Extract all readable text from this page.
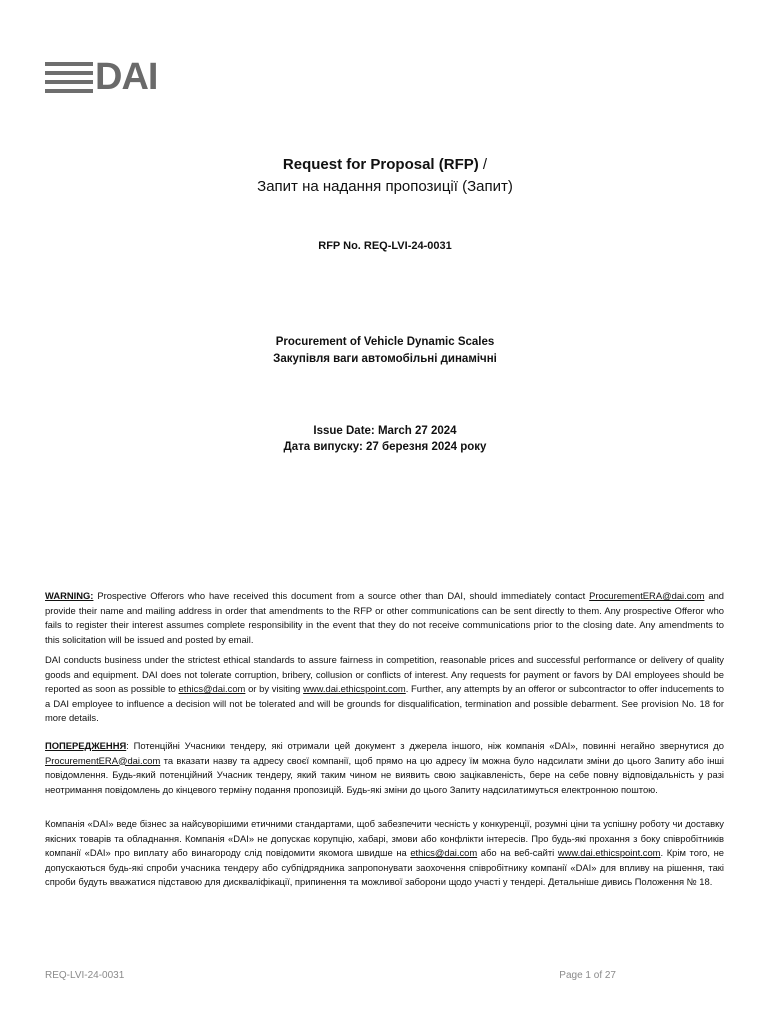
DAI
Request for Proposal (RFP) /
Запит на надання пропозиції (Запит)
RFP No. REQ-LVI-24-0031
Procurement of Vehicle Dynamic Scales
Закупівля ваги автомобільні динамічні
Issue Date: March 27 2024
Дата випуску: 27 березня 2024 року

WARNING: Prospective Offerors who have received this document from a source other than DAI, should immediately contact ProcurementERA@dai.com and provide their name and mailing address in order that amendments to the RFP or other communications can be sent directly to them. Any prospective Offeror who fails to register their interest assumes complete responsibility in the event that they do not receive communications prior to the closing date. Any amendments to this solicitation will be issued and posted by email.

DAI conducts business under the strictest ethical standards to assure fairness in competition, reasonable prices and successful performance or delivery of quality goods and equipment. DAI does not tolerate corruption, bribery, collusion or conflicts of interest. Any requests for payment or favors by DAI employees should be reported as soon as possible to ethics@dai.com or by visiting www.dai.ethicspoint.com. Further, any attempts by an offeror or subcontractor to offer inducements to a DAI employee to influence a decision will not be tolerated and will be grounds for disqualification, termination and possible debarment. See provision No. 18 for more details.

ПОПЕРЕДЖЕННЯ: Потенційні Учасники тендеру, які отримали цей документ з джерела іншого, ніж компанія «DAI», повинні негайно звернутися до ProcurementERA@dai.com та вказати назву та адресу своєї компанії, щоб прямо на цю адресу їм можна було надсилати зміни до цього Запиту або інші повідомлення. Будь-який потенційний Учасник тендеру, який таким чином не виявить свою зацікавленість, бере на себе повну відповідальність у разі неотримання повідомлень до кінцевого терміну подання пропозицій. Будь-які зміни до цього Запиту надсилатимуться електронною поштою.

Компанія «DAI» веде бізнес за найсуворішими етичними стандартами, щоб забезпечити чесність у конкуренції, розумні ціни та успішну роботу чи доставку якісних товарів та обладнання. Компанія «DAI» не допускає корупцію, хабарі, змови або конфлікти інтересів. Про будь-які прохання з боку співробітників компанії «DAI» про виплату або винагороду слід повідомити якомога швидше на ethics@dai.com або на веб-сайті www.dai.ethicspoint.com. Крім того, не допускаються будь-які спроби учасника тендеру або субпідрядника запропонувати заохочення співробітнику компанії «DAI» для впливу на рішення, такі спроби будуть вважатися підставою для дискваліфікації, припинення та можливої заборони щодо участі у тендері. Детальніше дивись Положення № 18.

REQ-LVI-24-0031	Page 1 of 27
